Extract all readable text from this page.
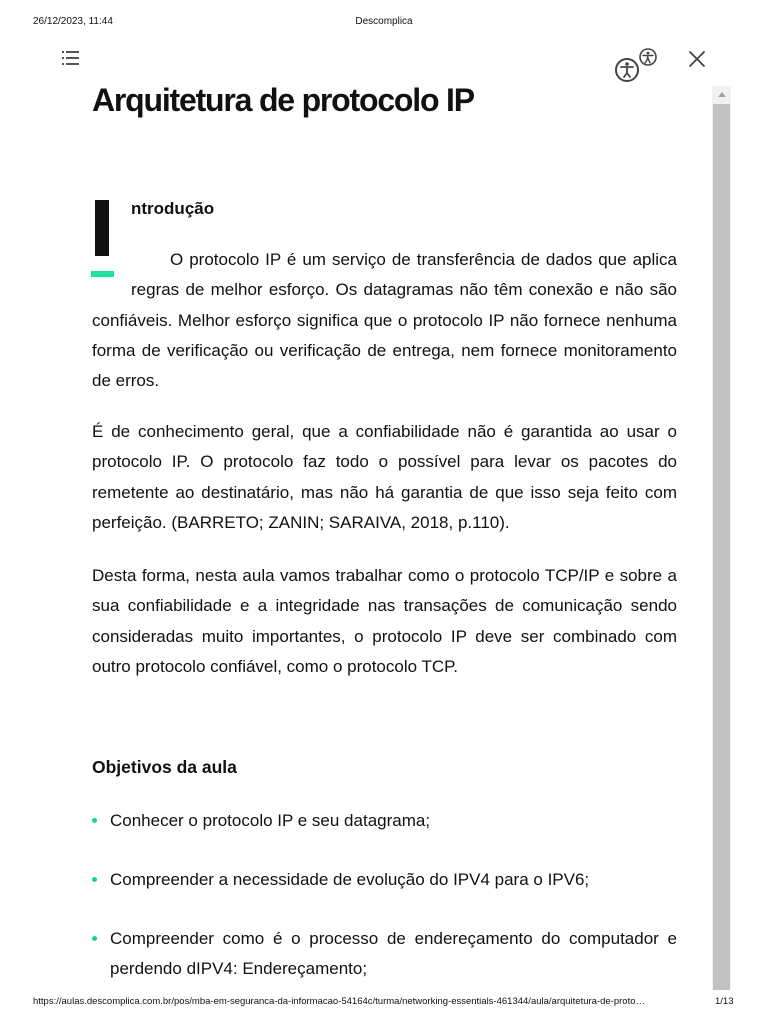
26/12/2023, 11:44	Descomplica
Arquitetura de protocolo IP
ntrodução

O protocolo IP é um serviço de transferência de dados que aplica regras de melhor esforço. Os datagramas não têm conexão e não são confiáveis. Melhor esforço significa que o protocolo IP não fornece nenhuma forma de verificação ou verificação de entrega, nem fornece monitoramento de erros.

É de conhecimento geral, que a confiabilidade não é garantida ao usar o protocolo IP. O protocolo faz todo o possível para levar os pacotes do remetente ao destinatário, mas não há garantia de que isso seja feito com perfeição. (BARRETO; ZANIN; SARAIVA, 2018, p.110).

Desta forma, nesta aula vamos trabalhar como o protocolo TCP/IP e sobre a sua confiabilidade e a integridade nas transações de comunicação sendo consideradas muito importantes, o protocolo IP deve ser combinado com outro protocolo confiável, como o protocolo TCP.

Objetivos da aula
Conhecer o protocolo IP e seu datagrama;
Compreender a necessidade de evolução do IPV4 para o IPV6;
Compreender como é o processo de endereçamento do computador e perdendo dIPV4: Endereçamento;
https://aulas.descomplica.com.br/pos/mba-em-seguranca-da-informacao-54164c/turma/networking-essentials-461344/aula/arquitetura-de-proto…	1/13
